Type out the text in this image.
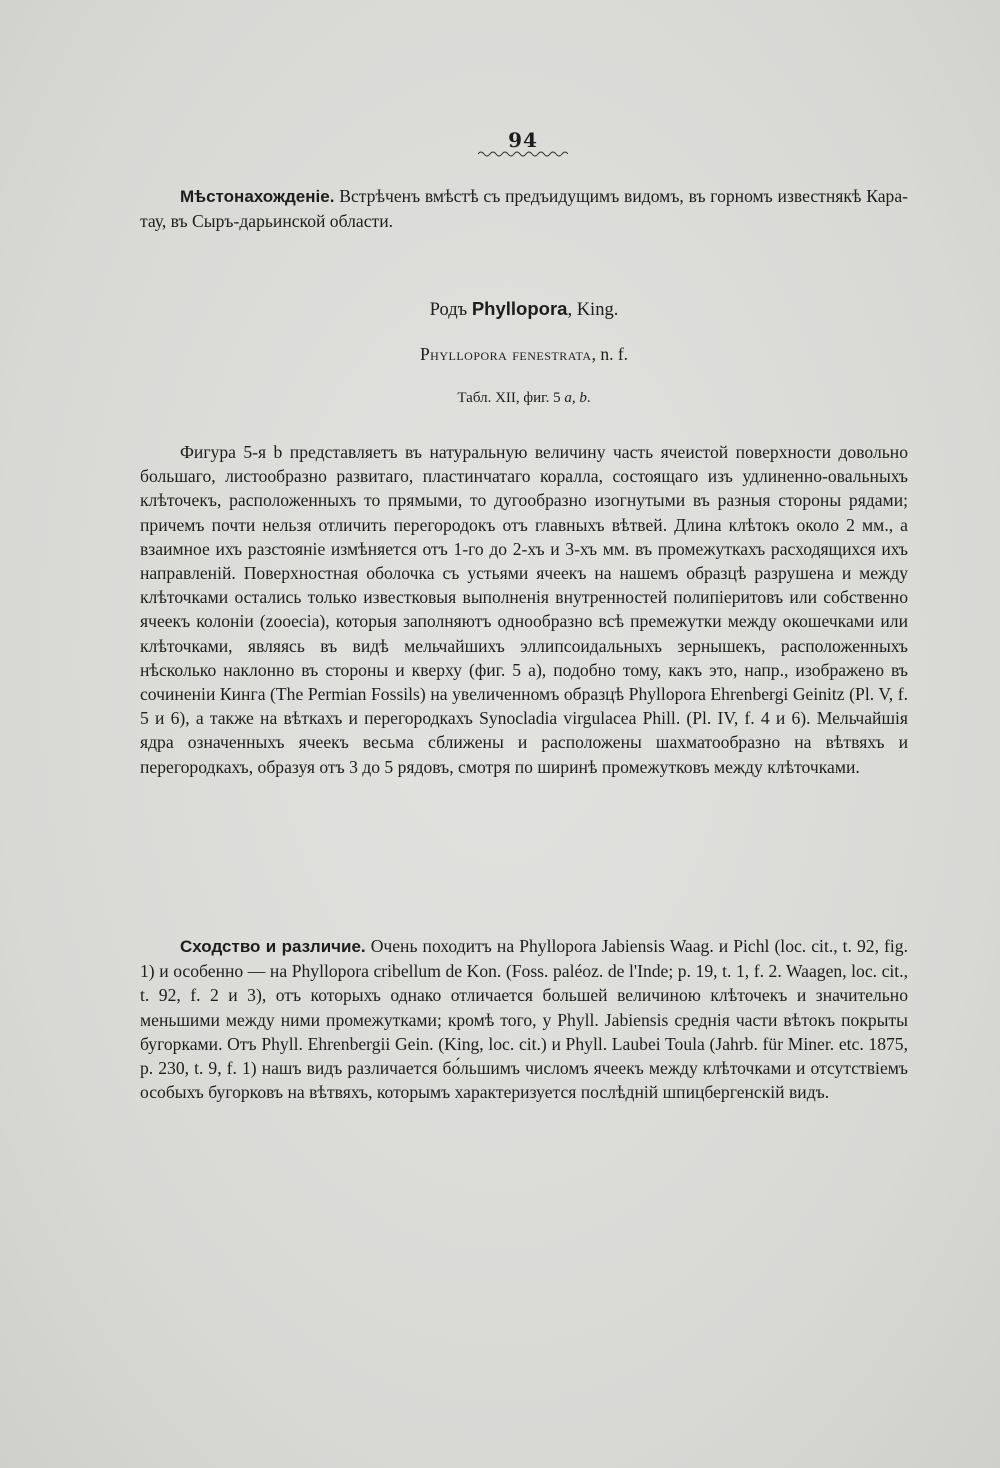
94

Мѣстонахожденіе. Встрѣченъ вмѣстѣ съ предъидущимъ видомъ, въ горномъ известнякѣ Кара-тау, въ Сыръ-дарьинской области.

Родъ Phyllopora, King.
Phyllopora fenestrata, n. f.
Табл. XII, фиг. 5 a, b.

Фигура 5-я b представляетъ въ натуральную величину часть ячеистой поверхности довольно большаго, листообразно развитаго, пластинчатаго коралла, состоящаго изъ удлиненно-овальныхъ клѣточекъ, расположенныхъ то прямыми, то дугообразно изогнутыми въ разныя стороны рядами; причемъ почти нельзя отличить перегородокъ отъ главныхъ вѣтвей. Длина клѣтокъ около 2 мм., а взаимное ихъ разстояніе измѣняется отъ 1-го до 2-хъ и 3-хъ мм. въ промежуткахъ расходящихся ихъ направленій. Поверхностная оболочка съ устьями ячеекъ на нашемъ образцѣ разрушена и между клѣточками остались только известковыя выполненія внутренностей полипіеритовъ или собственно ячеекъ колоніи (zooecia), которыя заполняютъ однообразно всѣ премежутки между окошечками или клѣточками, являясь въ видѣ мельчайшихъ эллипсоидальныхъ зернышекъ, расположенныхъ нѣсколько наклонно въ стороны и кверху (фиг. 5 a), подобно тому, какъ это, напр., изображено въ сочиненіи Кинга (The Permian Fossils) на увеличенномъ образцѣ Phyllopora Ehrenbergi Geinitz (Pl. V, f. 5 и 6), а также на вѣткахъ и перегородкахъ Synocladia virgulacea Phill. (Pl. IV, f. 4 и 6). Мельчайшія ядра означенныхъ ячеекъ весьма сближены и расположены шахматообразно на вѣтвяхъ и перегородкахъ, образуя отъ 3 до 5 рядовъ, смотря по ширинѣ промежутковъ между клѣточками.

Сходство и различие. Очень походитъ на Phyllopora Jabiensis Waag. и Pichl (loc. cit., t. 92, fig. 1) и особенно — на Phyllopora cribellum de Kon. (Foss. paléoz. de l'Inde; p. 19, t. 1, f. 2. Waagen, loc. cit., t. 92, f. 2 и 3), отъ которыхъ однако отличается большей величиною клѣточекъ и значительно меньшими между ними промежутками; кромѣ того, у Phyll. Jabiensis среднія части вѣтокъ покрыты бугорками. Отъ Phyll. Ehrenbergii Gein. (King, loc. cit.) и Phyll. Laubei Toula (Jahrb. für Miner. etc. 1875, p. 230, t. 9, f. 1) нашъ видъ различается бо́льшимъ числомъ ячеекъ между клѣточками и отсутствіемъ особыхъ бугорковъ на вѣтвяхъ, которымъ характеризуется послѣдній шпицбергенскій видъ.
